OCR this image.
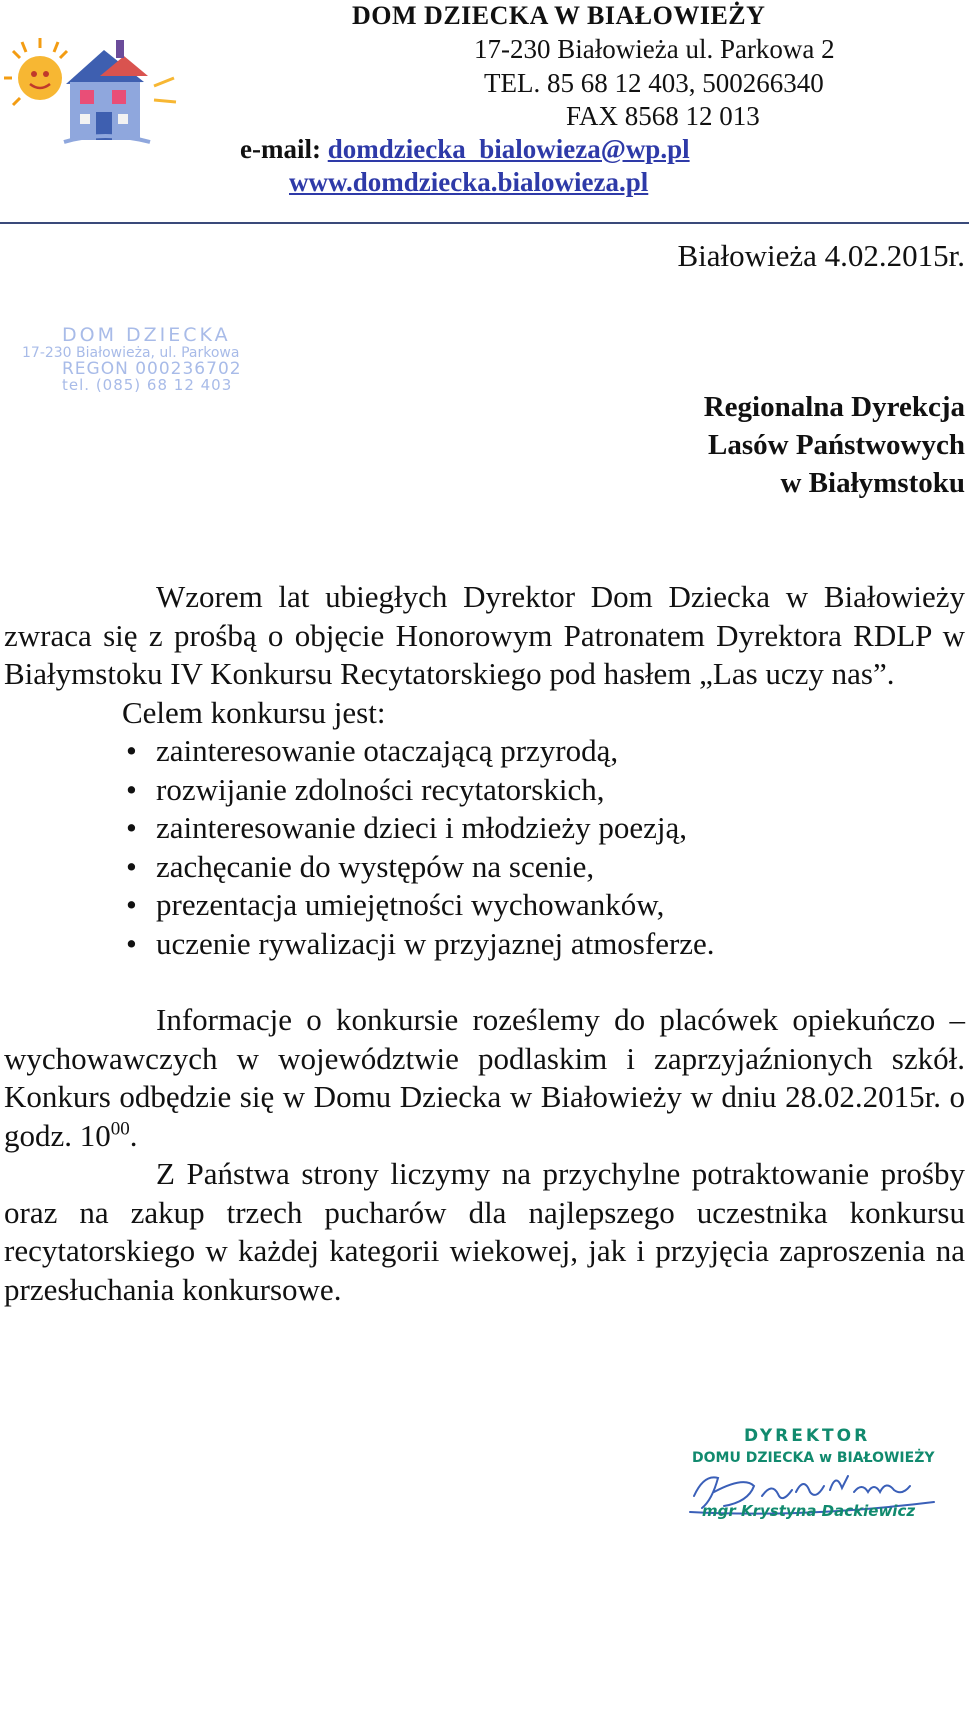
DOM DZIECKA W BIAŁOWIEŻY
17-230 Białowieża ul. Parkowa 2
TEL. 85 68 12 403, 500266340
FAX 8568 12 013
e-mail: domdziecka_bialowieza@wp.pl
www.domdziecka.bialowieza.pl
Białowieża 4.02.2015r.
DOM DZIECKA
17-230 Białowieża, ul. Parkowa
REGON 000236702
tel. (085) 68 12 403
Regionalna Dyrekcja
Lasów Państwowych
w Białymstoku

Wzorem lat ubiegłych Dyrektor Dom Dziecka w Białowieży zwraca się z prośbą o objęcie Honorowym Patronatem Dyrektora RDLP w Białymstoku IV Konkursu Recytatorskiego pod hasłem „Las uczy nas”.

Celem konkursu jest:

• zainteresowanie otaczającą przyrodą,
• rozwijanie zdolności recytatorskich,
• zainteresowanie dzieci i młodzieży poezją,
• zachęcanie do występów na scenie,
• prezentacja umiejętności wychowanków,
• uczenie rywalizacji w przyjaznej atmosferze.

Informacje o konkursie roześlemy do placówek opiekuńczo – wychowawczych w województwie podlaskim i zaprzyjaźnionych szkół. Konkurs odbędzie się w Domu Dziecka w Białowieży w dniu 28.02.2015r. o godz. $10^{00}$.

Z Państwa strony liczymy na przychylne potraktowanie prośby oraz na zakup trzech pucharów dla najlepszego uczestnika konkursu recytatorskiego w każdej kategorii wiekowej, jak i przyjęcia zaproszenia na przesłuchania konkursowe.

DYREKTOR
DOMU DZIECKA w BIAŁOWIEŻY
mgr Krystyna Dackiewicz
